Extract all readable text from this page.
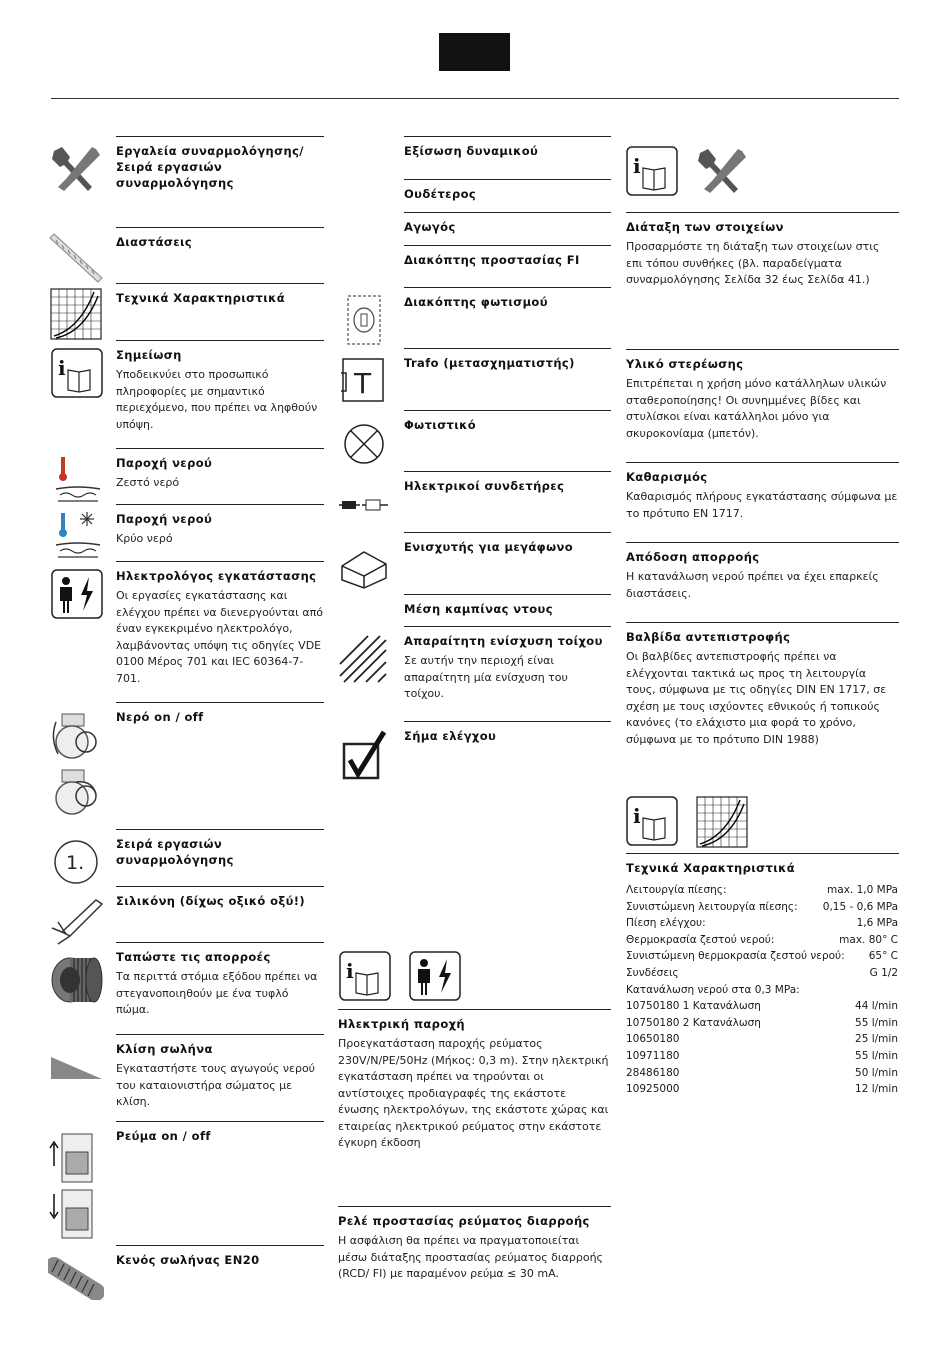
Εργαλεία συναρμολόγησης/ Σειρά εργασιών συναρμολόγησης
Διαστάσεις
Τεχνικά Χαρακτηριστικά
Σημείωση
Υποδεικνύει στο προσωπικό πληροφορίες με σημαντικό περιεχόμενο, που πρέπει να ληφθούν υπόψη.
Παροχή νερού
Ζεστό νερό
Παροχή νερού
Κρύο νερό
Ηλεκτρολόγος εγκατάστασης
Οι εργασίες εγκατάστασης και ελέγχου πρέπει να διενεργούνται από έναν εγκεκριμένο ηλεκτρολόγο, λαμβάνοντας υπόψη τις οδηγίες VDE 0100 Μέρος 701 και IEC 60364-7-701.
Νερό on / off
Σειρά εργασιών συναρμολόγησης
Σιλικόνη (δίχως οξικό οξύ!)
Ταπώστε τις απορροές
Τα περιττά στόμια εξόδου πρέπει να στεγανοποιηθούν με ένα τυφλό πώμα.
Κλίση σωλήνα
Εγκαταστήστε τους αγωγούς νερού του καταιονιστήρα σώματος με κλίση.
Ρεύμα on / off
Κενός σωλήνας EN20
i
1.
Εξίσωση δυναμικού
Ουδέτερος
Αγωγός
Διακόπτης προστασίας FI
Διακόπτης φωτισμού
Trafo (μετασχηματιστής)
Φωτιστικό
Ηλεκτρικοί συνδετήρες
Ενισχυτής για μεγάφωνο
Μέση καμπίνας ντους
Απαραίτητη ενίσχυση τοίχου
Σε αυτήν την περιοχή είναι απαραίτητη μία ενίσχυση του τοίχου.
Σήμα ελέγχου
Ηλεκτρική παροχή
Προεγκατάσταση παροχής ρεύματος 230V/N/PE/50Hz (Μήκος: 0,3 m). Στην ηλεκτρική εγκατάσταση πρέπει να τηρούνται οι αντίστοιχες προδιαγραφές της εκάστοτε ένωσης ηλεκτρολόγων, της εκάστοτε χώρας και εταιρείας ηλεκτρικού ρεύματος στην εκάστοτε έγκυρη έκδοση
Ρελέ προστασίας ρεύματος διαρροής
Η ασφάλιση θα πρέπει να πραγματοποιείται μέσω διάταξης προστασίας ρεύματος διαρροής (RCD/ FI) με παραμένον ρεύμα ≤ 30 mA.
T
i
i
Διάταξη των στοιχείων
Προσαρμόστε τη διάταξη των στοιχείων στις επι τόπου συνθήκες (βλ. παραδείγματα συναρμολόγησης Σελίδα 32 έως Σελίδα 41.)
Υλικό στερέωσης
Επιτρέπεται η χρήση μόνο κατάλληλων υλικών σταθεροποίησης! Οι συνημμένες βίδες και στυλίσκοι είναι κατάλληλοι μόνο για σκυροκονίαμα (μπετόν).
Καθαρισμός
Καθαρισμός πλήρους εγκατάστασης σύμφωνα με το πρότυπο EN 1717.
Απόδοση απορροής
Η κατανάλωση νερού πρέπει να έχει επαρκείς διαστάσεις.
Βαλβίδα αντεπιστροφής
Οι βαλβίδες αντεπιστροφής πρέπει να ελέγχονται τακτικά ως προς τη λειτουργία τους, σύμφωνα με τις οδηγίες DIN EN 1717, σε σχέση με τους ισχύοντες εθνικούς ή τοπικούς κανόνες (το ελάχιστο μια φορά το χρόνο, σύμφωνα με το πρότυπο DIN 1988)
i
Τεχνικά Χαρακτηριστικά
Λειτουργία πίεσης:	max. 1,0 MPa
Συνιστώμενη λειτουργία πίεσης: 0,15 - 0,6 MPa
Πίεση ελέγχου:	1,6 MPa
Θερμοκρασία ζεστού νερού:	max. 80° C
Συνιστώμενη θερμοκρασία ζεστού νερού: 65° C
Συνδέσεις	G 1/2
Κατανάλωση νερού στα 0,3 MPa:
10750180 1 Κατανάλωση	44 l/min
10750180 2 Κατανάλωση	55 l/min
10650180	25 l/min
10971180	55 l/min
28486180	50 l/min
10925000	12 l/min
